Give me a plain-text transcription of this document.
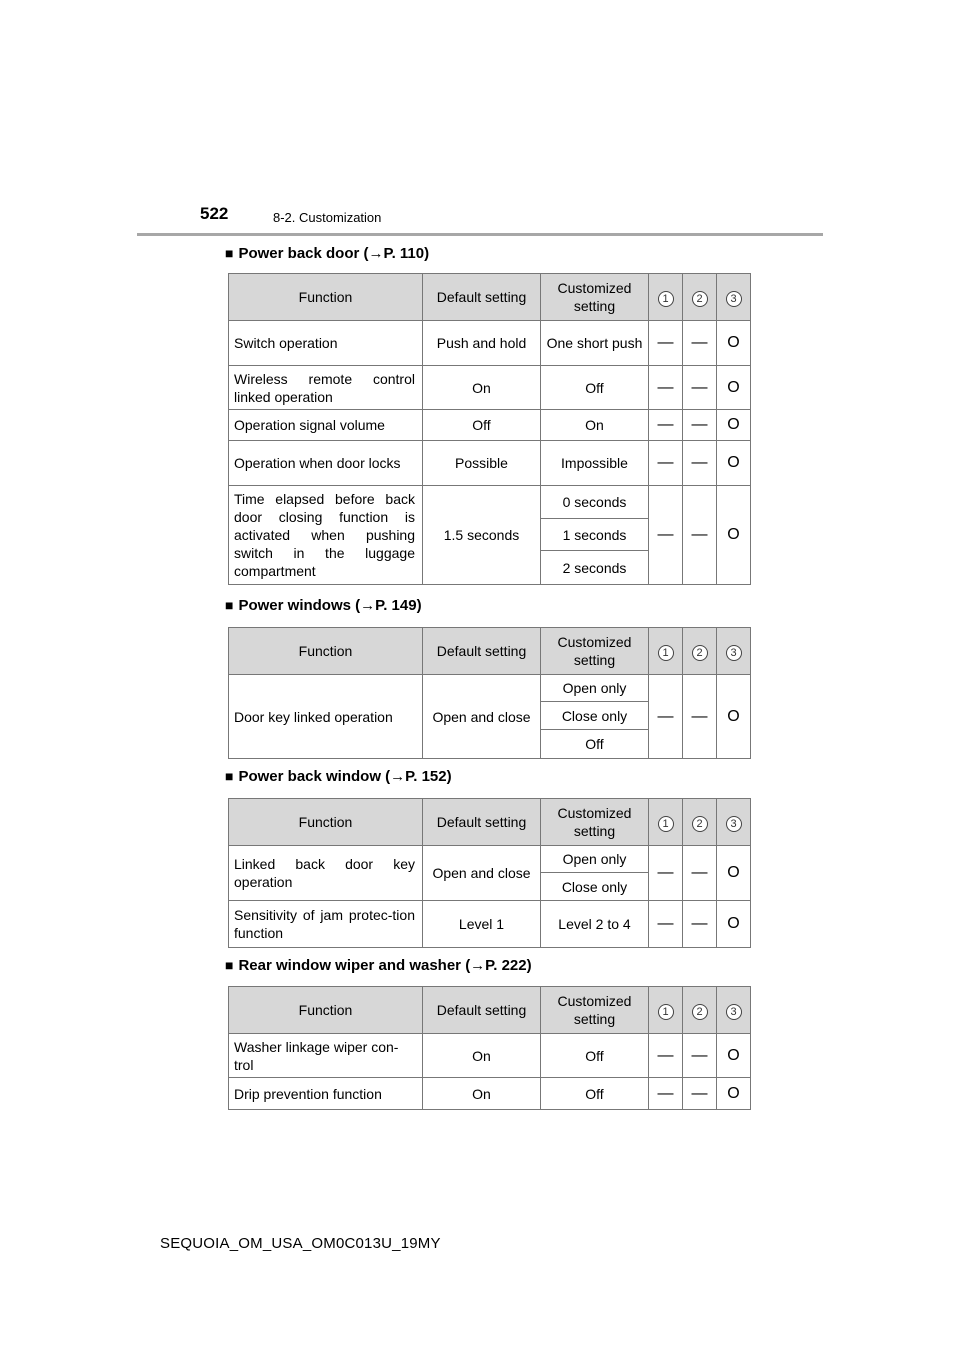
522	8-2. Customization
■ Power back door (→P. 110)
Function	Default setting	Customized setting	1	2	3
Switch operation	Push and hold	One short push	—	—	O
Wireless remote control linked operation	On	Off	—	—	O
Operation signal volume	Off	On	—	—	O
Operation when door locks	Possible	Impossible	—	—	O
Time elapsed before back door closing function is activated when pushing switch in the luggage compartment	1.5 seconds	0 seconds	—	—	O
		1 seconds			
		2 seconds			
■ Power windows (→P. 149)
Function	Default setting	Customized setting	1	2	3
Door key linked operation	Open and close	Open only	—	—	O
		Close only			
		Off			
■ Power back window (→P. 152)
Function	Default setting	Customized setting	1	2	3
Linked back door key operation	Open and close	Open only	—	—	O
		Close only			
Sensitivity of jam protec-tion function	Level 1	Level 2 to 4	—	—	O
■ Rear window wiper and washer (→P. 222)
Function	Default setting	Customized setting	1	2	3
Washer linkage wiper con-trol	On	Off	—	—	O
Drip prevention function	On	Off	—	—	O
SEQUOIA_OM_USA_OM0C013U_19MY
